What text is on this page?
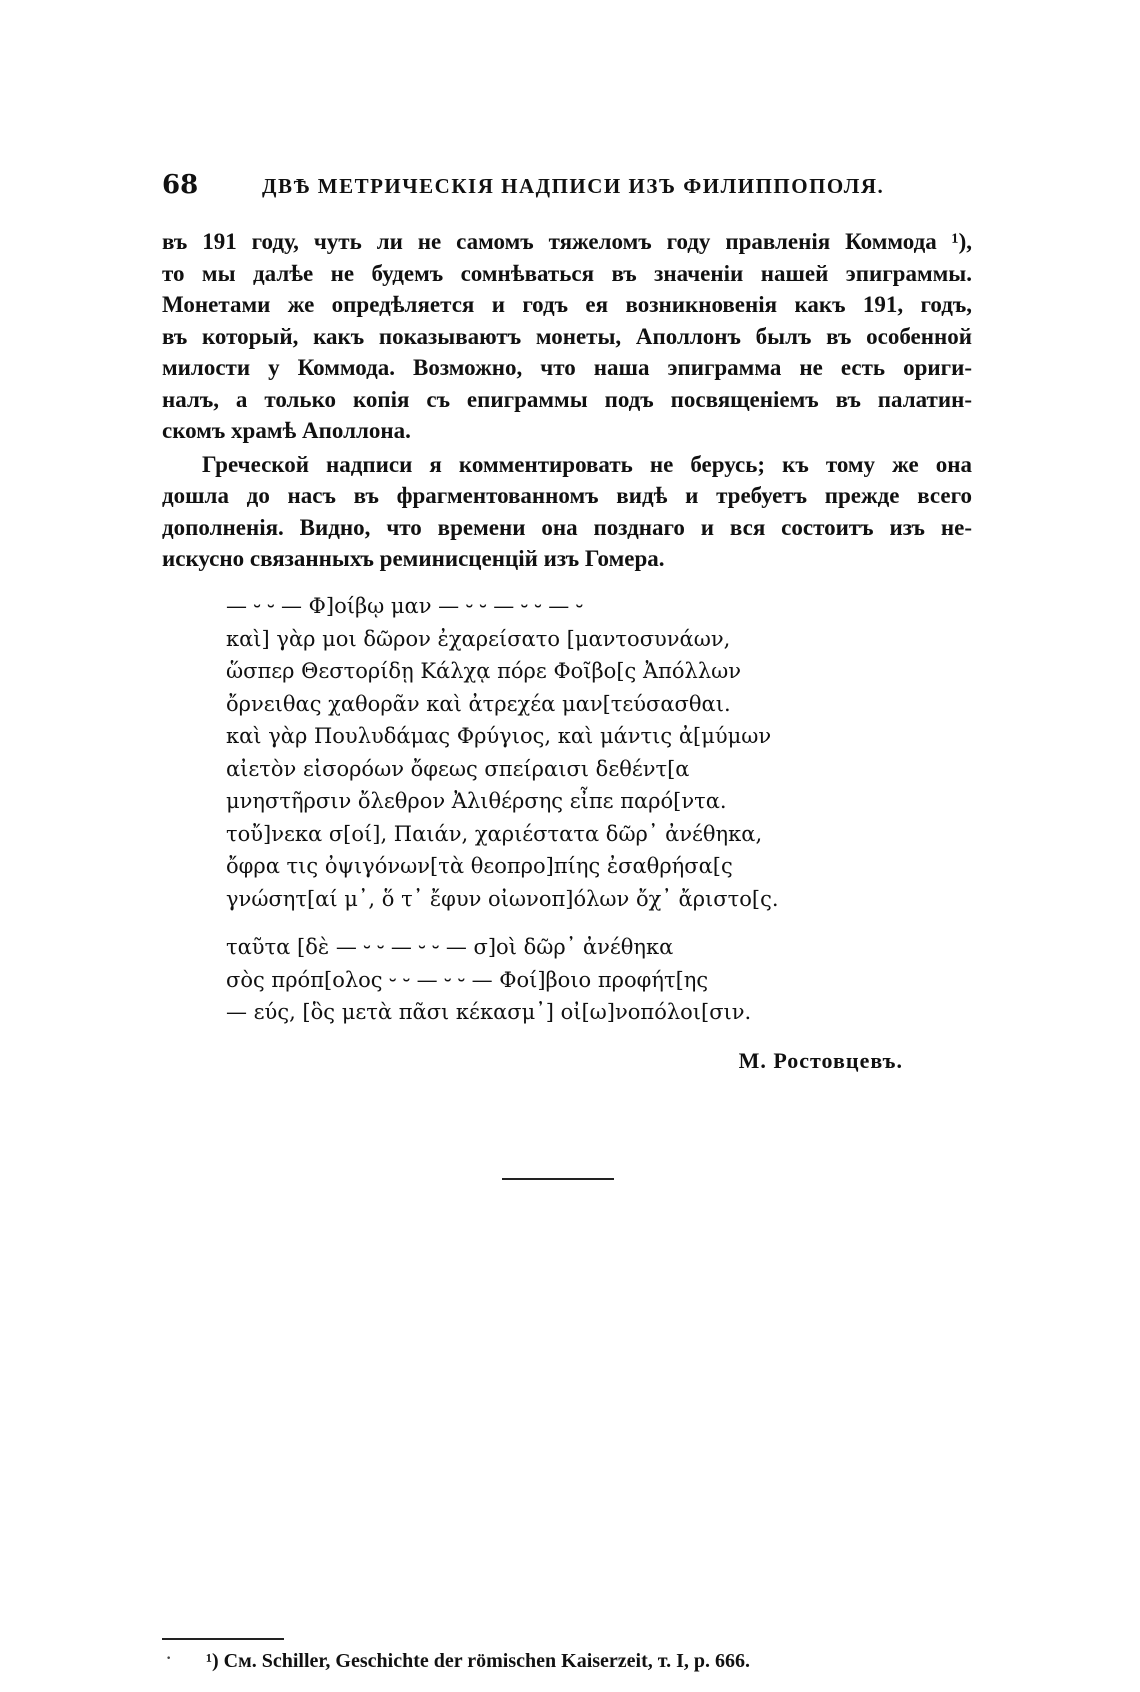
68	ДВѢ МЕТРИЧЕСКІЯ НАДПИСИ ИЗЪ ФИЛИППОПОЛЯ.
въ 191 году, чуть ли не самомъ тяжеломъ году правленія Коммода ¹),
то мы далѣе не будемъ сомнѣваться въ значеніи нашей эпиграммы.
Монетами же опредѣляется и годъ ея возникновенія какъ 191, годъ,
въ который, какъ показываютъ монеты, Аполлонъ былъ въ особенной
милости у Коммода. Возможно, что наша эпиграмма не есть ориги-
налъ, а только копія съ епиграммы подъ посвященіемъ въ палатин-
скомъ храмѣ Аполлона.
Греческой надписи я комментировать не берусь; къ тому же она
дошла до насъ въ фрагментованномъ видѣ и требуетъ прежде всего
дополненія. Видно, что времени она позднаго и вся состоитъ изъ не-
искусно связанныхъ реминисценцій изъ Гомера.
— ⏑ ⏑ — Φ]οίβῳ μαν — ⏑ ⏑ — ⏑ ⏑ — ⏑
καὶ] γὰρ μοι δῶρον ἐχαρείσατο [μαντοσυνάων,
ὥσπερ Θεστορίδῃ Κάλχᾳ πόρε Φοῖβο[ς Ἀπόλλων
ὄρνειθας χαθορᾶν καὶ ἀτρεχέα μαν[τεύσασθαι.
καὶ γὰρ Πουλυδάμας Φρύγιος, καὶ μάντις ἀ[μύμων
αἰετὸν εἰσορόων ὄφεως σπείραισι δεθέντ[α
μνηστῆρσιν ὄλεθρον Ἀλιθέρσης εἶπε παρό[ντα.
τοὔ]νεκα σ[οί], Παιάν, χαριέστατα δῶρ᾽ ἀνέθηκα,
ὄφρα τις ὀψιγόνων[τὰ θεοπρο]πίης ἐσαθρήσα[ς
γνώσητ[αί μ᾽, ὅ τ᾽ ἔφυν οἰωνοπ]όλων ὄχ᾽ ἄριστο[ς.
ταῦτα [δὲ — ⏑ ⏑ — ⏑ ⏑ — σ]οὶ δῶρ᾽ ἀνέθηκα
σὸς πρόπ[ολος ⏑ ⏑ — ⏑ ⏑ — Φοί]βοιο προφήτ[ης
— εύς, [ὃς μετὰ πᾶσι κέκασμ᾽] οἰ[ω]νοπόλοι[σιν.
М. Ростовцевъ.
· ¹) См. Schiller, Geschichte der römischen Kaiserzeit, т. I, p. 666.
